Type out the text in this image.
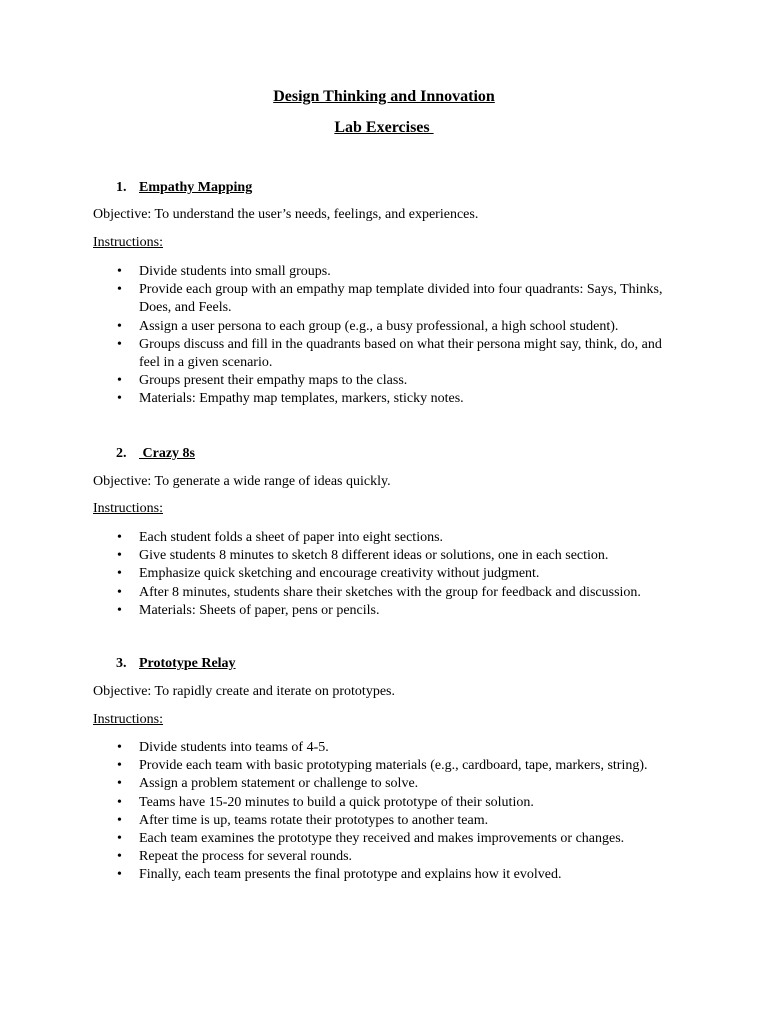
Design Thinking and Innovation
Lab Exercises
1. Empathy Mapping
Objective: To understand the user’s needs, feelings, and experiences.
Instructions:
• Divide students into small groups.
• Provide each group with an empathy map template divided into four quadrants: Says, Thinks, Does, and Feels.
• Assign a user persona to each group (e.g., a busy professional, a high school student).
• Groups discuss and fill in the quadrants based on what their persona might say, think, do, and feel in a given scenario.
• Groups present their empathy maps to the class.
• Materials: Empathy map templates, markers, sticky notes.
2. Crazy 8s
Objective: To generate a wide range of ideas quickly.
Instructions:
• Each student folds a sheet of paper into eight sections.
• Give students 8 minutes to sketch 8 different ideas or solutions, one in each section.
• Emphasize quick sketching and encourage creativity without judgment.
• After 8 minutes, students share their sketches with the group for feedback and discussion.
• Materials: Sheets of paper, pens or pencils.
3. Prototype Relay
Objective: To rapidly create and iterate on prototypes.
Instructions:
• Divide students into teams of 4-5.
• Provide each team with basic prototyping materials (e.g., cardboard, tape, markers, string).
• Assign a problem statement or challenge to solve.
• Teams have 15-20 minutes to build a quick prototype of their solution.
• After time is up, teams rotate their prototypes to another team.
• Each team examines the prototype they received and makes improvements or changes.
• Repeat the process for several rounds.
• Finally, each team presents the final prototype and explains how it evolved.
